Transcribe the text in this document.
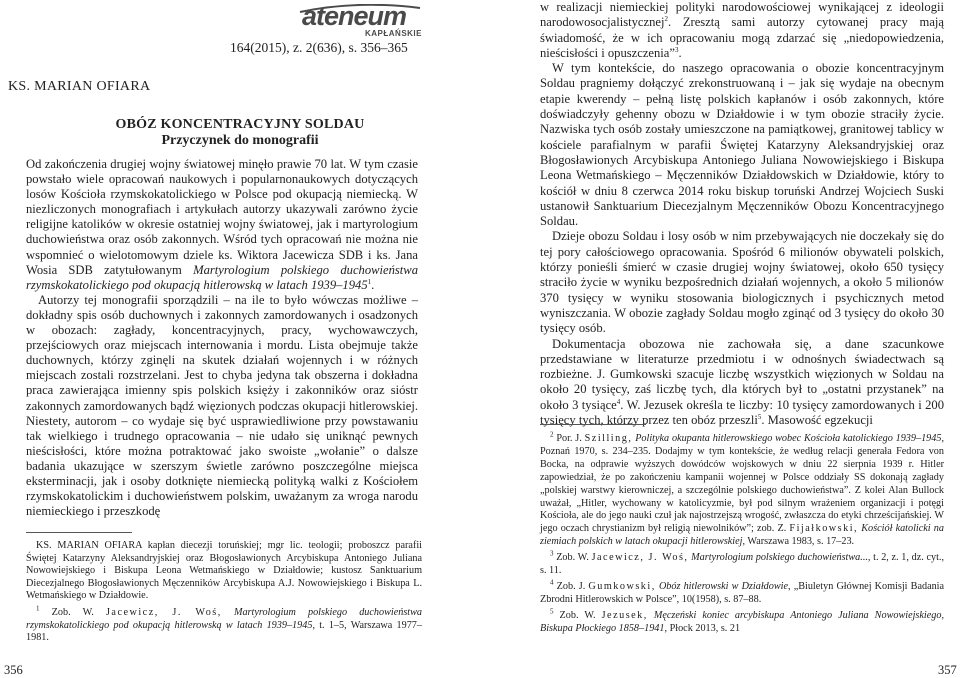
ateneum
KAPŁAŃSKIE
164(2015), z. 2(636), s. 356–365
KS. MARIAN OFIARA
OBÓZ KONCENTRACYJNY SOLDAU
Przyczynek do monografii

Od zakończenia drugiej wojny światowej minęło prawie 70 lat. W tym czasie powstało wiele opracowań naukowych i popularnonaukowych dotyczących losów Kościoła rzymskokatolickiego w Polsce pod okupacją niemiecką. W niezliczonych monografiach i artykułach autorzy ukazywali zarówno życie religijne katolików w okresie ostatniej wojny światowej, jak i martyrologium duchowieństwa oraz osób zakonnych. Wśród tych opracowań nie można nie wspomnieć o wielotomowym dziele ks. Wiktora Jacewicza SDB i ks. Jana Wosia SDB zatytułowanym Martyrologium polskiego duchowieństwa rzymskokatolickiego pod okupacją hitlerowską w latach 1939–1945$^1$.

Autorzy tej monografii sporządzili – na ile to było wówczas możliwe – dokładny spis osób duchownych i zakonnych zamordowanych i osadzonych w obozach: zagłady, koncentracyjnych, pracy, wychowawczych, przejściowych oraz miejscach internowania i mordu. Lista obejmuje także duchownych, którzy zginęli na skutek działań wojennych i w różnych miejscach zostali rozstrzelani. Jest to chyba jedyna tak obszerna i dokładna praca zawierająca imienny spis polskich księży i zakonników oraz sióstr zakonnych zamordowanych bądź więzionych podczas okupacji hitlerowskiej. Niestety, autorom – co wydaje się być usprawiedliwione przy powstawaniu tak wielkiego i trudnego opracowania – nie udało się uniknąć pewnych nieścisłości, które można potraktować jako swoiste „wołanie” o dalsze badania ukazujące w szerszym świetle zarówno poszczególne miejsca eksterminacji, jak i osoby dotknięte niemiecką polityką walki z Kościołem rzymskokatolickim i duchowieństwem polskim, uważanym za wroga narodu niemieckiego i przeszkodę

KS. MARIAN OFIARA kapłan diecezji toruńskiej; mgr lic. teologii; proboszcz parafii Świętej Katarzyny Aleksandryjskiej oraz Błogosławionych Arcybiskupa Antoniego Juliana Nowowiejskiego i Biskupa Leona Wetmańskiego w Działdowie; kustosz Sanktuarium Diecezjalnego Błogosławionych Męczenników Arcybiskupa A.J. Nowowiejskiego i Biskupa L. Wetmańskiego w Działdowie.

$^1$ Zob. W. Jacewicz, J. Woś, Martyrologium polskiego duchowieństwa rzymskokatolickiego pod okupacją hitlerowską w latach 1939–1945, t. 1–5, Warszawa 1977–1981.

356

w realizacji niemieckiej polityki narodowościowej wynikającej z ideologii narodowosocjalistycznej$^2$. Zresztą sami autorzy cytowanej pracy mają świadomość, że w ich opracowaniu mogą zdarzać się „niedopowiedzenia, nieścisłości i opuszczenia”$^3$.

W tym kontekście, do naszego opracowania o obozie koncentracyjnym Soldau pragniemy dołączyć zrekonstruowaną i – jak się wydaje na obecnym etapie kwerendy – pełną listę polskich kapłanów i osób zakonnych, które doświadczyły gehenny obozu w Działdowie i w tym obozie straciły życie. Nazwiska tych osób zostały umieszczone na pamiątkowej, granitowej tablicy w kościele parafialnym w parafii Świętej Katarzyny Aleksandryjskiej oraz Błogosławionych Arcybiskupa Antoniego Juliana Nowowiejskiego i Biskupa Leona Wetmańskiego – Męczenników Działdowskich w Działdowie, który to kościół w dniu 8 czerwca 2014 roku biskup toruński Andrzej Wojciech Suski ustanowił Sanktuarium Diecezjalnym Męczenników Obozu Koncentracyjnego Soldau.

Dzieje obozu Soldau i losy osób w nim przebywających nie doczekały się do tej pory całościowego opracowania. Spośród 6 milionów obywateli polskich, którzy ponieśli śmierć w czasie drugiej wojny światowej, około 650 tysięcy straciło życie w wyniku bezpośrednich działań wojennych, a około 5 milionów 370 tysięcy w wyniku stosowania biologicznych i psychicznych metod wyniszczania. W obozie zagłady Soldau mogło zginąć od 3 tysięcy do około 30 tysięcy osób.

Dokumentacja obozowa nie zachowała się, a dane szacunkowe przedstawiane w literaturze przedmiotu i w odnośnych świadectwach są rozbieżne. J. Gumkowski szacuje liczbę wszystkich więzionych w Soldau na około 20 tysięcy, zaś liczbę tych, dla których był to „ostatni przystanek” na około 3 tysiące$^4$. W. Jezusek określa te liczby: 10 tysięcy zamordowanych i 200 tysięcy tych, którzy przez ten obóz przeszli$^5$. Masowość egzekucji

$^2$ Por. J. Szilling, Polityka okupanta hitlerowskiego wobec Kościoła katolickiego 1939–1945, Poznań 1970, s. 234–235. Dodajmy w tym kontekście, że według relacji generała Fedora von Bocka, na odprawie wyższych dowódców wojskowych w dniu 22 sierpnia 1939 r. Hitler zapowiedział, że po zakończeniu kampanii wojennej w Polsce oddziały SS dokonają zagłady „polskiej warstwy kierowniczej, a szczególnie polskiego duchowieństwa”. Z kolei Alan Bullock uważał, „Hitler, wychowany w katolicyzmie, był pod silnym wrażeniem organizacji i potęgi Kościoła, ale do jego nauki czuł jak najostrzejszą wrogość, zwłaszcza do etyki chrześcijańskiej. W jego oczach chrystianizm był religią niewolników”; zob. Z. Fijałkowski, Kościół katolicki na ziemiach polskich w latach okupacji hitlerowskiej, Warszawa 1983, s. 17–23.

$^3$ Zob. W. Jacewicz, J. Woś, Martyrologium polskiego duchowieństwa..., t. 2, z. 1, dz. cyt., s. 11.

$^4$ Zob. J. Gumkowski, Obóz hitlerowski w Działdowie, „Biuletyn Głównej Komisji Badania Zbrodni Hitlerowskich w Polsce”, 10(1958), s. 87–88.

$^5$ Zob. W. Jezusek, Męczeński koniec arcybiskupa Antoniego Juliana Nowowiejskiego, Biskupa Płockiego 1858–1941, Płock 2013, s. 21

357
